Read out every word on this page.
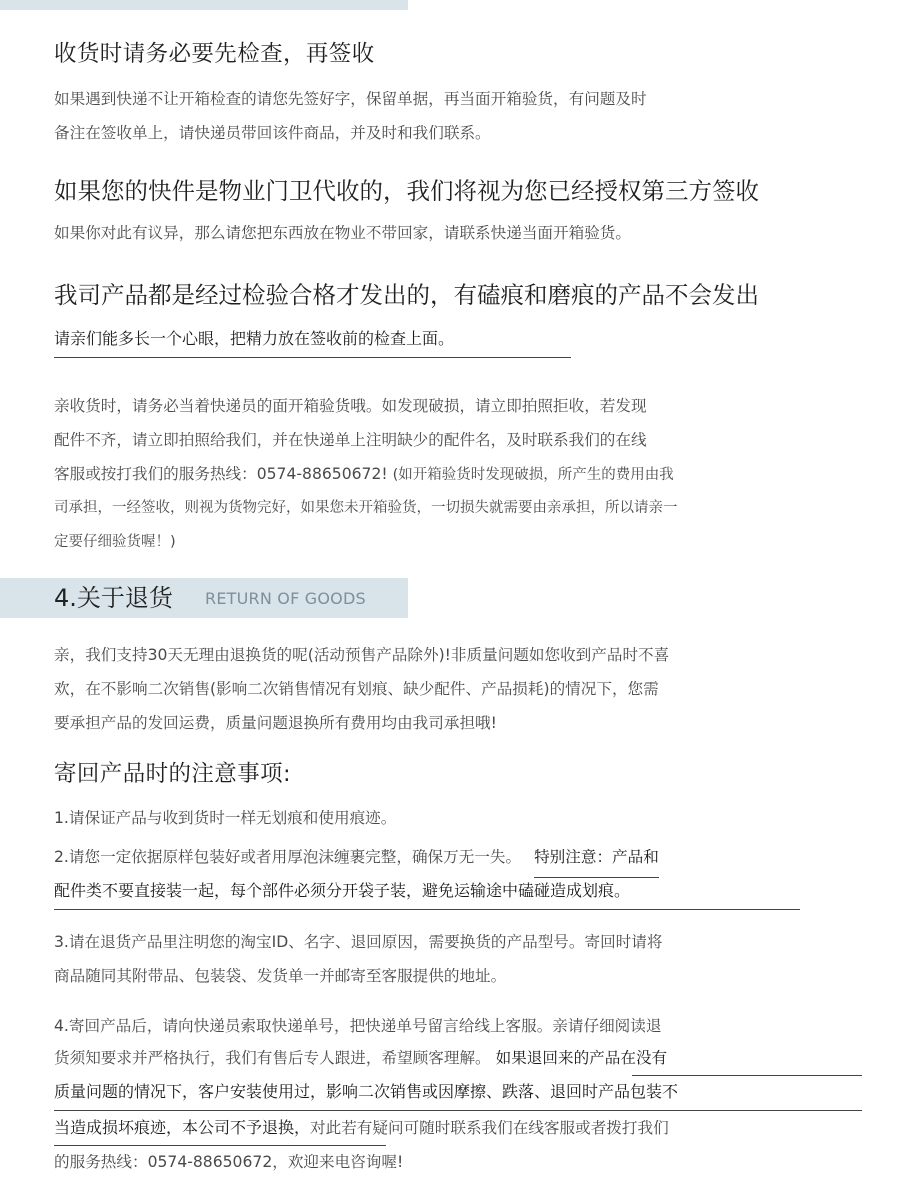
收货时请务必要先检查，再签收
如果遇到快递不让开箱检查的请您先签好字，保留单据，再当面开箱验货，有问题及时
备注在签收单上，请快递员带回该件商品，并及时和我们联系。
如果您的快件是物业门卫代收的，我们将视为您已经授权第三方签收
如果你对此有议异，那么请您把东西放在物业不带回家，请联系快递当面开箱验货。
我司产品都是经过检验合格才发出的，有磕痕和磨痕的产品不会发出
请亲们能多长一个心眼，把精力放在签收前的检查上面。
亲收货时，请务必当着快递员的面开箱验货哦。如发现破损，请立即拍照拒收，若发现
配件不齐，请立即拍照给我们，并在快递单上注明缺少的配件名，及时联系我们的在线
客服或按打我们的服务热线：0574-88650672! (如开箱验货时发现破损，所产生的费用由我
司承担，一经签收，则视为货物完好，如果您未开箱验货，一切损失就需要由亲承担，所以请亲一
定要仔细验货喔！)
4.关于退货 RETURN OF GOODS
亲，我们支持30天无理由退换货的呢(活动预售产品除外)!非质量问题如您收到产品时不喜
欢，在不影响二次销售(影响二次销售情况有划痕、缺少配件、产品损耗)的情况下，您需
要承担产品的发回运费，质量问题退换所有费用均由我司承担哦!
寄回产品时的注意事项:
1.请保证产品与收到货时一样无划痕和使用痕迹。
2.请您一定依据原样包装好或者用厚泡沫缠裹完整，确保万无一失。 特别注意：产品和
配件类不要直接装一起，每个部件必须分开袋子装，避免运输途中磕碰造成划痕。
3.请在退货产品里注明您的淘宝ID、名字、退回原因，需要换货的产品型号。寄回时请将
商品随同其附带品、包装袋、发货单一并邮寄至客服提供的地址。
4.寄回产品后，请向快递员索取快递单号，把快递单号留言给线上客服。亲请仔细阅读退
货须知要求并严格执行，我们有售后专人跟进，希望顾客理解。 如果退回来的产品在没有
质量问题的情况下，客户安装使用过，影响二次销售或因摩擦、跌落、退回时产品包装不
当造成损坏痕迹，本公司不予退换，对此若有疑问可随时联系我们在线客服或者拨打我们
的服务热线：0574-88650672，欢迎来电咨询喔!
